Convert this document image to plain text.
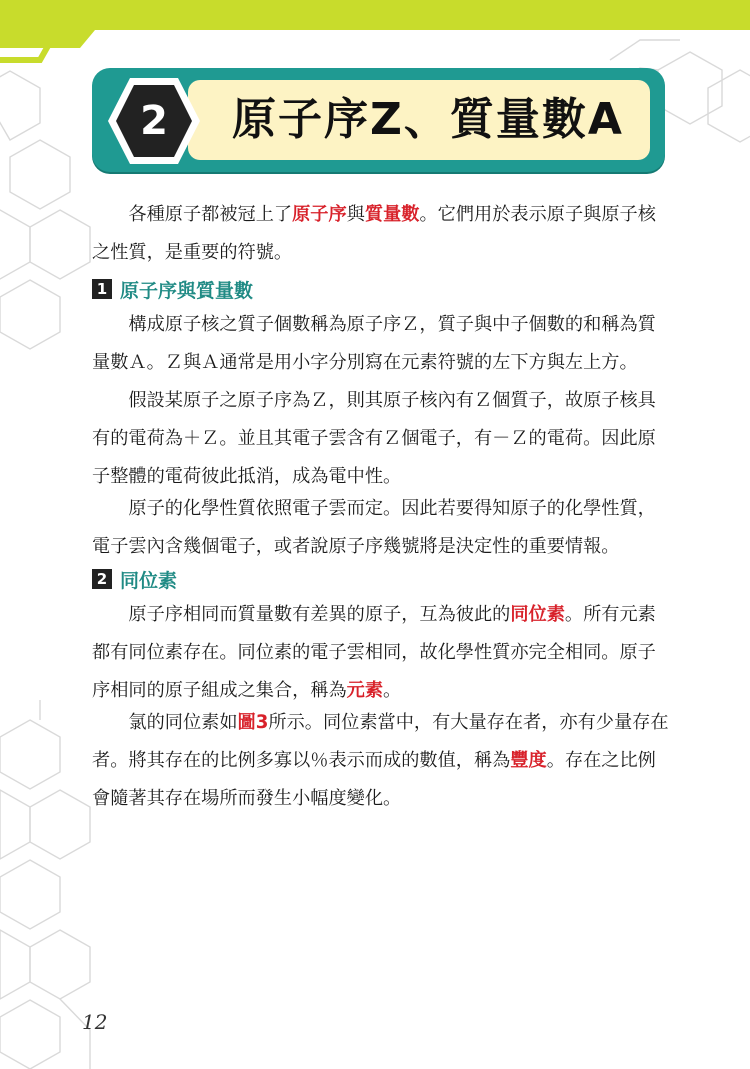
2	原子序Z、質量數A

各種原子都被冠上了原子序與質量數。它們用於表示原子與原子核之性質，是重要的符號。

1 原子序與質量數

構成原子核之質子個數稱為原子序Ｚ，質子與中子個數的和稱為質量數Ａ。Ｚ與Ａ通常是用小字分別寫在元素符號的左下方與左上方。

假設某原子之原子序為Ｚ，則其原子核內有Ｚ個質子，故原子核具有的電荷為＋Ｚ。並且其電子雲含有Ｚ個電子，有－Ｚ的電荷。因此原子整體的電荷彼此抵消，成為電中性。

原子的化學性質依照電子雲而定。因此若要得知原子的化學性質，電子雲內含幾個電子，或者說原子序幾號將是決定性的重要情報。

2 同位素

原子序相同而質量數有差異的原子，互為彼此的同位素。所有元素都有同位素存在。同位素的電子雲相同，故化學性質亦完全相同。原子序相同的原子組成之集合，稱為元素。

氯的同位素如圖3所示。同位素當中，有大量存在者，亦有少量存在者。將其存在的比例多寡以％表示而成的數值，稱為豐度。存在之比例會隨著其存在場所而發生小幅度變化。

12
